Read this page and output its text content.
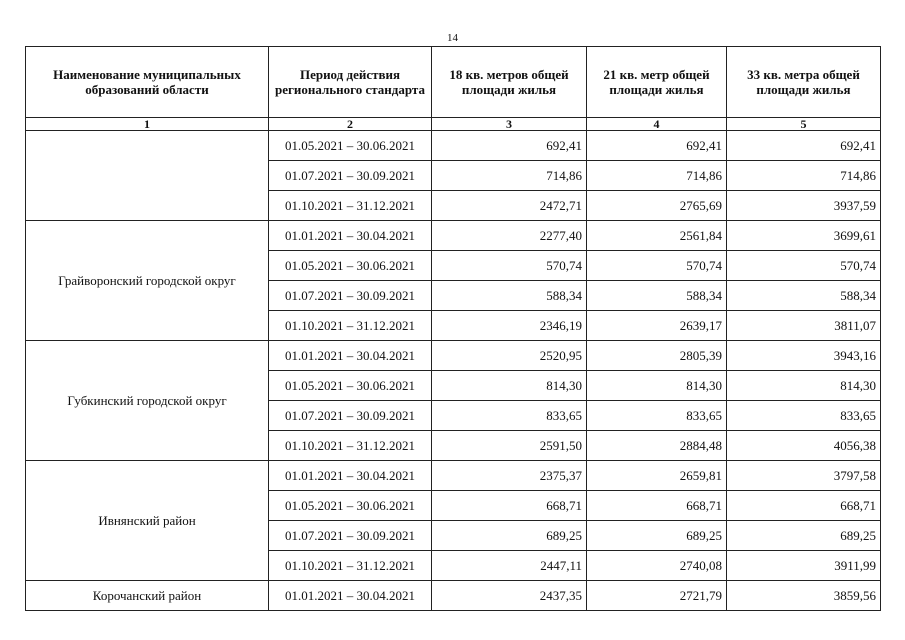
14
Наименование муниципальных образований области	Период действия регионального стандарта	18 кв. метров общей площади жилья	21 кв. метр общей площади жилья	33 кв. метра общей площади жилья
1	2	3	4	5
	01.05.2021 – 30.06.2021	692,41	692,41	692,41
	01.07.2021 – 30.09.2021	714,86	714,86	714,86
	01.10.2021 – 31.12.2021	2472,71	2765,69	3937,59
Грайворонский городской округ	01.01.2021 – 30.04.2021	2277,40	2561,84	3699,61
	01.05.2021 – 30.06.2021	570,74	570,74	570,74
	01.07.2021 – 30.09.2021	588,34	588,34	588,34
	01.10.2021 – 31.12.2021	2346,19	2639,17	3811,07
Губкинский городской округ	01.01.2021 – 30.04.2021	2520,95	2805,39	3943,16
	01.05.2021 – 30.06.2021	814,30	814,30	814,30
	01.07.2021 – 30.09.2021	833,65	833,65	833,65
	01.10.2021 – 31.12.2021	2591,50	2884,48	4056,38
Ивнянский район	01.01.2021 – 30.04.2021	2375,37	2659,81	3797,58
	01.05.2021 – 30.06.2021	668,71	668,71	668,71
	01.07.2021 – 30.09.2021	689,25	689,25	689,25
	01.10.2021 – 31.12.2021	2447,11	2740,08	3911,99
Корочанский район	01.01.2021 – 30.04.2021	2437,35	2721,79	3859,56
